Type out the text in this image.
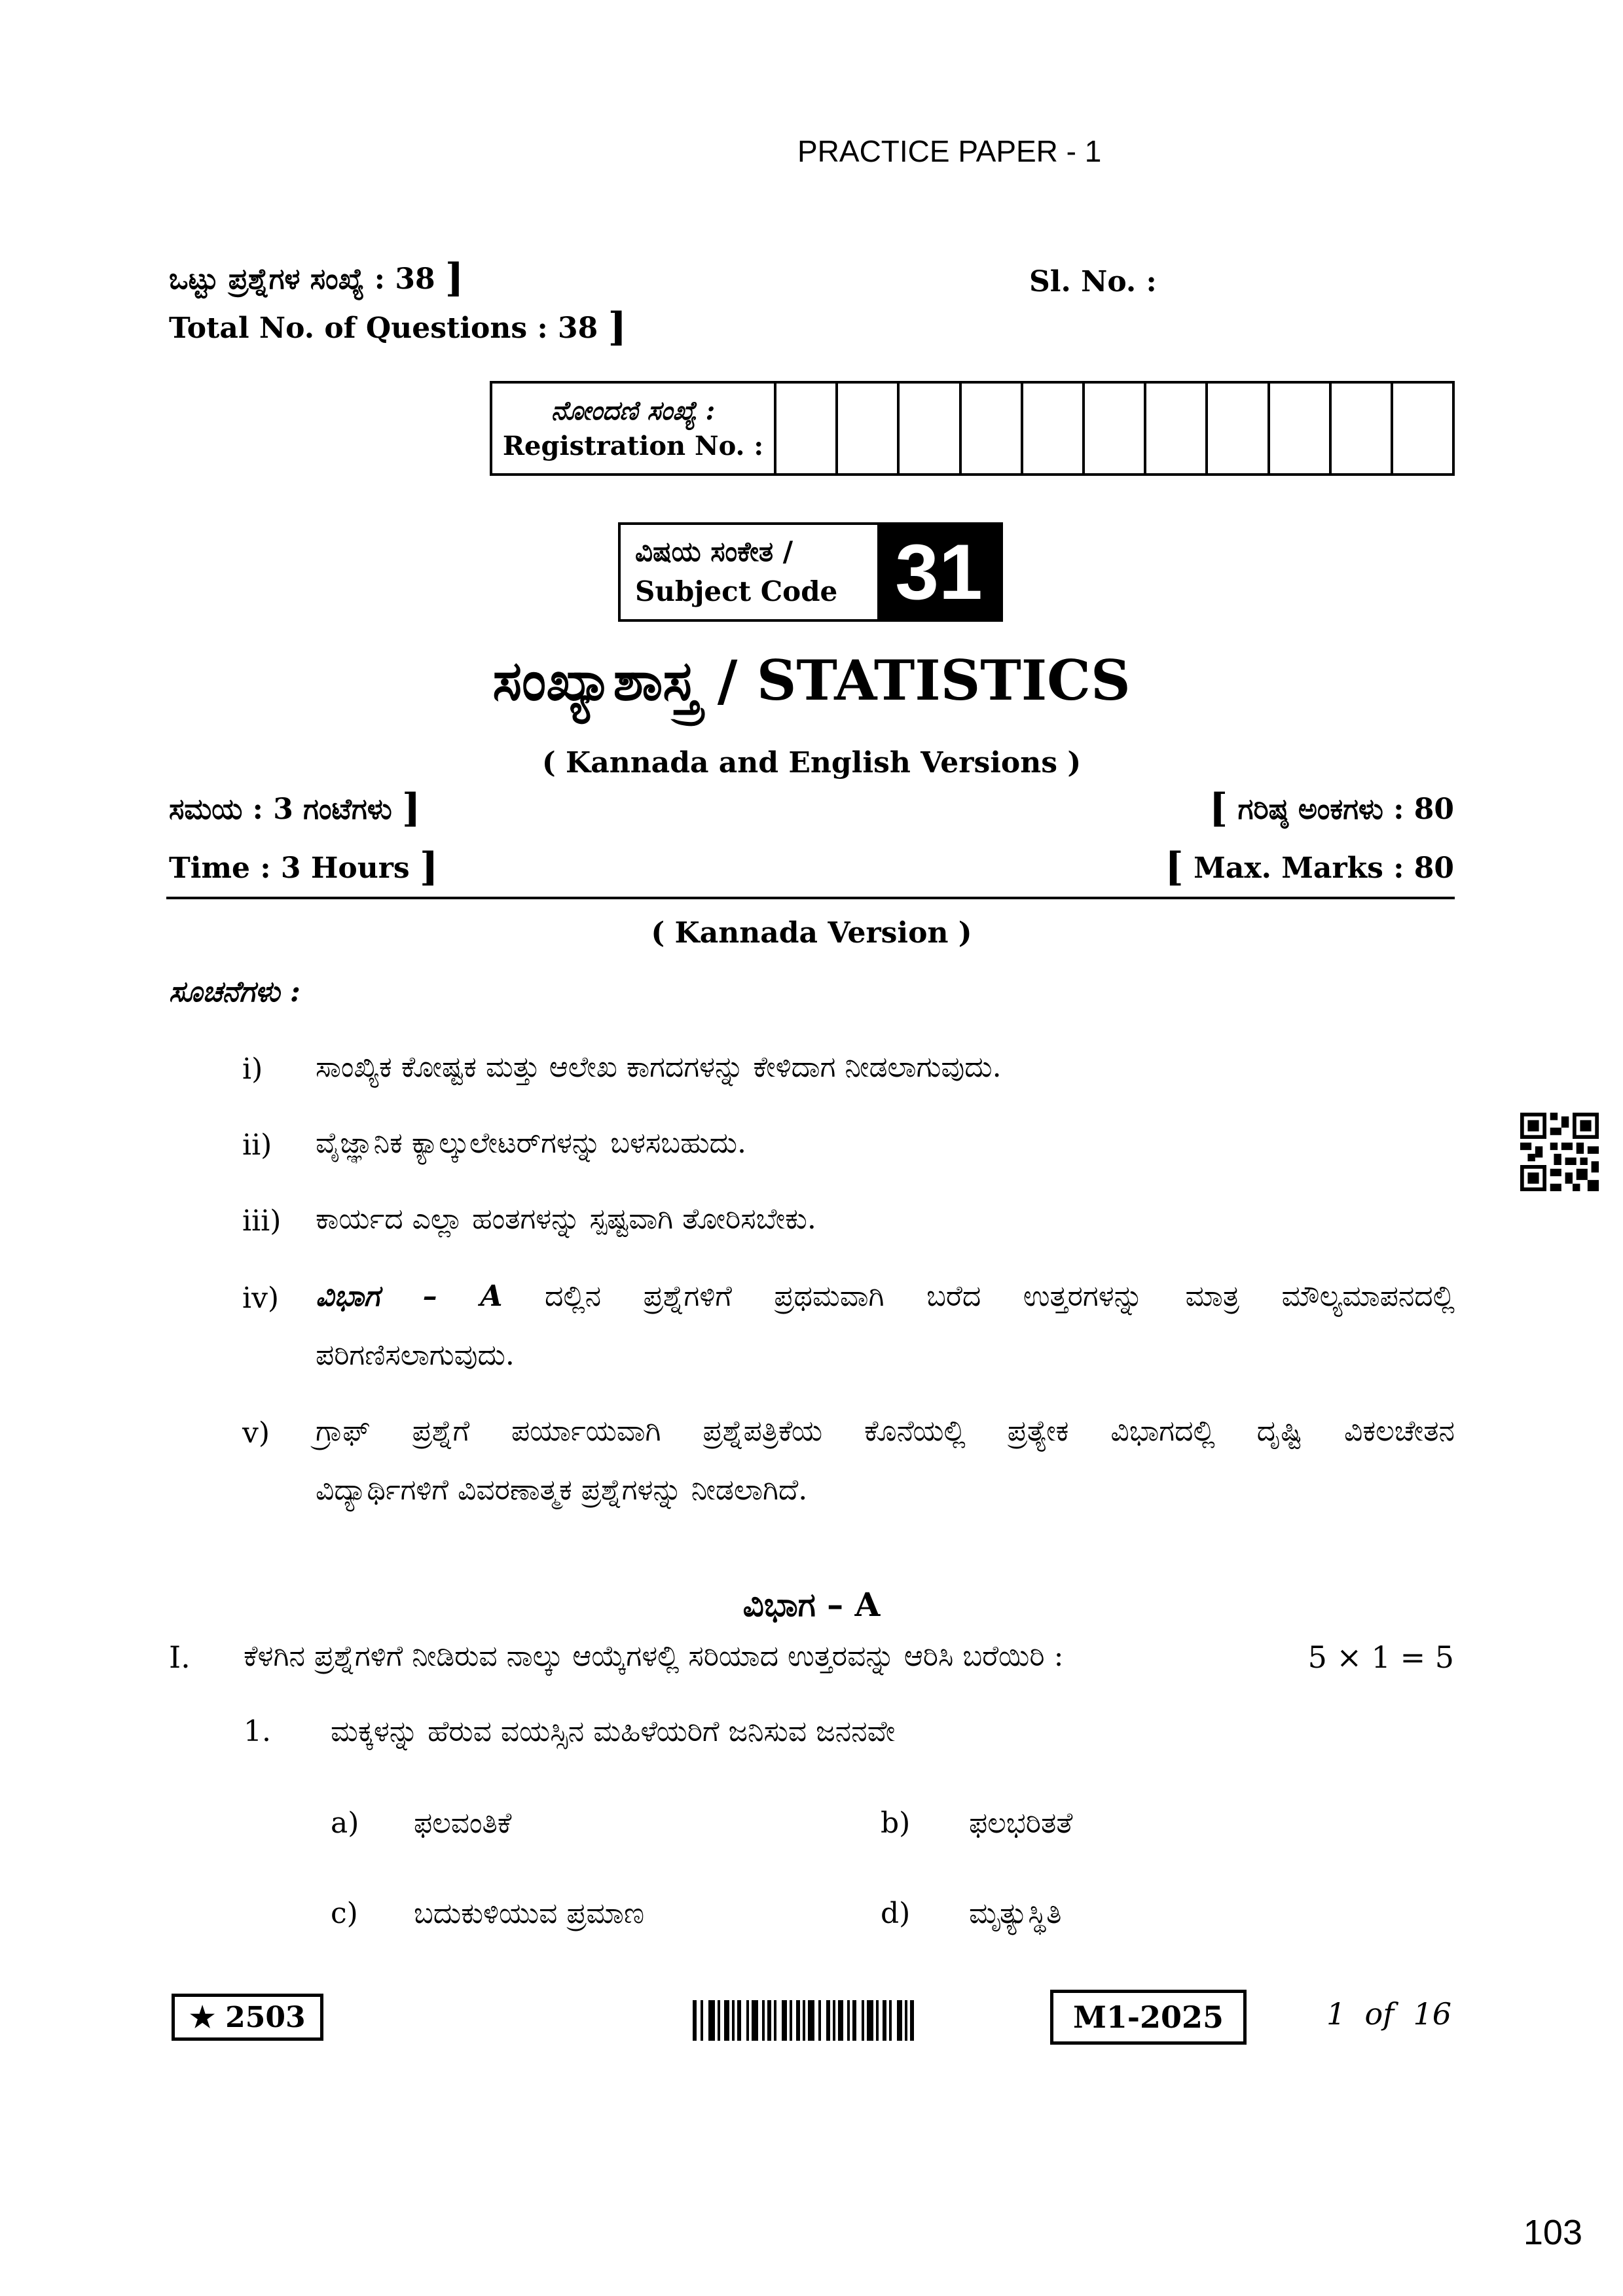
PRACTICE PAPER - 1
ಒಟ್ಟು ಪ್ರಶ್ನೆಗಳ ಸಂಖ್ಯೆ : 38 ]
Total No. of Questions : 38 ]
Sl. No. :
ನೋಂದಣಿ ಸಂಖ್ಯೆ :
Registration No. :
ವಿಷಯ ಸಂಕೇತ /
Subject Code 31
ಸಂಖ್ಯಾಶಾಸ್ತ್ರ / STATISTICS
( Kannada and English Versions )
ಸಮಯ : 3 ಗಂಟೆಗಳು ]	[ ಗರಿಷ್ಠ ಅಂಕಗಳು : 80
Time : 3 Hours ]	[ Max. Marks : 80
( Kannada Version )
ಸೂಚನೆಗಳು :
i) ಸಾಂಖ್ಯಿಕ ಕೋಷ್ಟಕ ಮತ್ತು ಆಲೇಖ ಕಾಗದಗಳನ್ನು ಕೇಳಿದಾಗ ನೀಡಲಾಗುವುದು.
ii) ವೈಜ್ಞಾನಿಕ ಕ್ಯಾಲ್ಕುಲೇಟರ್‌ಗಳನ್ನು ಬಳಸಬಹುದು.
iii) ಕಾರ್ಯದ ಎಲ್ಲಾ ಹಂತಗಳನ್ನು ಸ್ಪಷ್ಟವಾಗಿ ತೋರಿಸಬೇಕು.
iv) ವಿಭಾಗ – A ದಲ್ಲಿನ ಪ್ರಶ್ನೆಗಳಿಗೆ ಪ್ರಥಮವಾಗಿ ಬರೆದ ಉತ್ತರಗಳನ್ನು ಮಾತ್ರ ಮೌಲ್ಯಮಾಪನದಲ್ಲಿ
ಪರಿಗಣಿಸಲಾಗುವುದು.
v) ಗ್ರಾಫ್ ಪ್ರಶ್ನೆಗೆ ಪರ್ಯಾಯವಾಗಿ ಪ್ರಶ್ನೆಪತ್ರಿಕೆಯ ಕೊನೆಯಲ್ಲಿ ಪ್ರತ್ಯೇಕ ವಿಭಾಗದಲ್ಲಿ ದೃಷ್ಟಿ ವಿಕಲಚೇತನ
ವಿದ್ಯಾರ್ಥಿಗಳಿಗೆ ವಿವರಣಾತ್ಮಕ ಪ್ರಶ್ನೆಗಳನ್ನು ನೀಡಲಾಗಿದೆ.
ವಿಭಾಗ – A
I. ಕೆಳಗಿನ ಪ್ರಶ್ನೆಗಳಿಗೆ ನೀಡಿರುವ ನಾಲ್ಕು ಆಯ್ಕೆಗಳಲ್ಲಿ ಸರಿಯಾದ ಉತ್ತರವನ್ನು ಆರಿಸಿ ಬರೆಯಿರಿ :	5 × 1 = 5
1. ಮಕ್ಕಳನ್ನು ಹೆರುವ ವಯಸ್ಸಿನ ಮಹಿಳೆಯರಿಗೆ ಜನಿಸುವ ಜನನವೇ
a) ಫಲವಂತಿಕೆ	b) ಫಲಭರಿತತೆ
c) ಬದುಕುಳಿಯುವ ಪ್ರಮಾಣ	d) ಮೃತ್ಯುಸ್ಥಿತಿ
★ 2503	M1-2025	1  of  16
103
